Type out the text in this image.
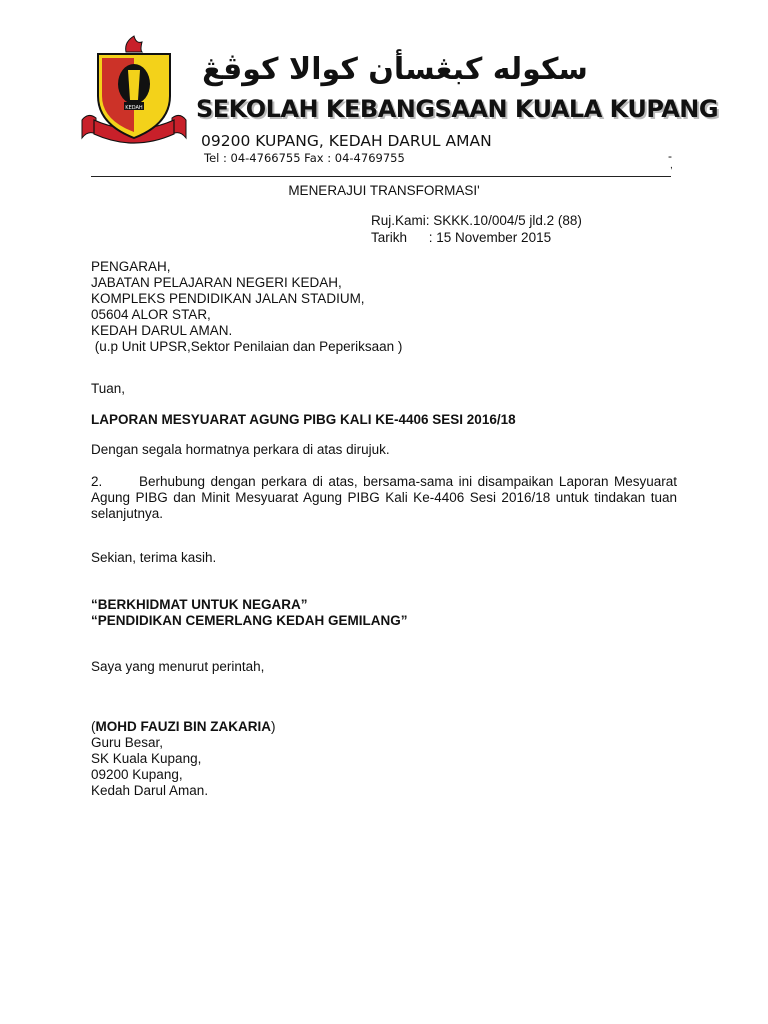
KEDAH
سكوله كبڠسأن كوالا كوڤڠ
SEKOLAH KEBANGSAAN KUALA KUPANG
09200 KUPANG, KEDAH DARUL AMAN
Tel : 04-4766755 Fax : 04-4769755	-
,
MENERAJUI TRANSFORMASI'
Ruj.Kami: SKKK.10/004/5 jld.2 (88)
Tarikh : 15 November 2015
PENGARAH,
JABATAN PELAJARAN NEGERI KEDAH,
KOMPLEKS PENDIDIKAN JALAN STADIUM,
05604 ALOR STAR,
KEDAH DARUL AMAN.
(u.p Unit UPSR,Sektor Penilaian dan Peperiksaan )
Tuan,
LAPORAN MESYUARAT AGUNG PIBG KALI KE-4406 SESI 2016/18
Dengan segala hormatnya perkara di atas dirujuk.
2.	Berhubung dengan perkara di atas, bersama-sama ini disampaikan Laporan Mesyuarat Agung PIBG dan Minit Mesyuarat Agung PIBG Kali Ke-4406 Sesi 2016/18 untuk tindakan tuan selanjutnya.
Sekian, terima kasih.
“BERKHIDMAT UNTUK NEGARA”
“PENDIDIKAN CEMERLANG KEDAH GEMILANG”
Saya yang menurut perintah,
(MOHD FAUZI BIN ZAKARIA)
Guru Besar,
SK Kuala Kupang,
09200 Kupang,
Kedah Darul Aman.
